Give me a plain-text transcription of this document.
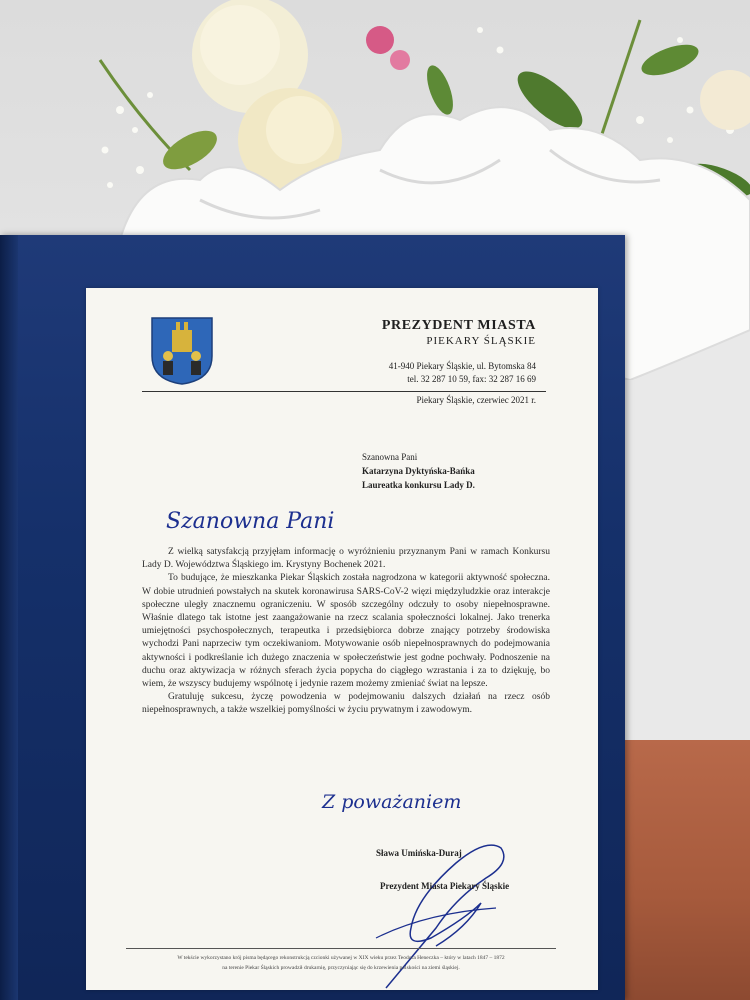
PREZYDENT MIASTA
PIEKARY ŚLĄSKIE
41-940 Piekary Śląskie, ul. Bytomska 84
tel. 32 287 10 59, fax: 32 287 16 69
Piekary Śląskie, czerwiec 2021 r.
Szanowna Pani
Katarzyna Dyktyńska-Bańka
Laureatka konkursu Lady D.
Szanowna Pani

Z wielką satysfakcją przyjęłam informację o wyróżnieniu przyznanym Pani w ramach Konkursu Lady D. Województwa Śląskiego im. Krystyny Bochenek 2021.

To budujące, że mieszkanka Piekar Śląskich została nagrodzona w kategorii aktywność społeczna. W dobie utrudnień powstałych na skutek koronawirusa SARS-CoV-2 więzi międzyludzkie oraz interakcje społeczne uległy znacznemu ograniczeniu. W sposób szczególny odczuły to osoby niepełnosprawne. Właśnie dlatego tak istotne jest zaangażowanie na rzecz scalania społeczności lokalnej. Jako trenerka umiejętności psychospołecznych, terapeutka i przedsiębiorca dobrze znający potrzeby środowiska wychodzi Pani naprzeciw tym oczekiwaniom. Motywowanie osób niepełnosprawnych do podejmowania aktywności i podkreślanie ich dużego znaczenia w społeczeństwie jest godne pochwały. Podnoszenie na duchu oraz aktywizacja w różnych sferach życia popycha do ciągłego wzrastania i za to dziękuję, bo wiem, że wszyscy budujemy wspólnotę i jedynie razem możemy zmieniać świat na lepsze.

Gratuluję sukcesu, życzę powodzenia w podejmowaniu dalszych działań na rzecz osób niepełnosprawnych, a także wszelkiej pomyślności w życiu prywatnym i zawodowym.

Z poważaniem
Sława Umińska-Duraj
Prezydent Miasta Piekary Śląskie
W tekście wykorzystano krój pisma będącego rekonstrukcją czcionki używanej w XIX wieku przez Teodora Heneczka – który w latach 1847 – 1872
na terenie Piekar Śląskich prowadził drukarnię, przyczyniając się do krzewienia polskości na ziemi śląskiej.
